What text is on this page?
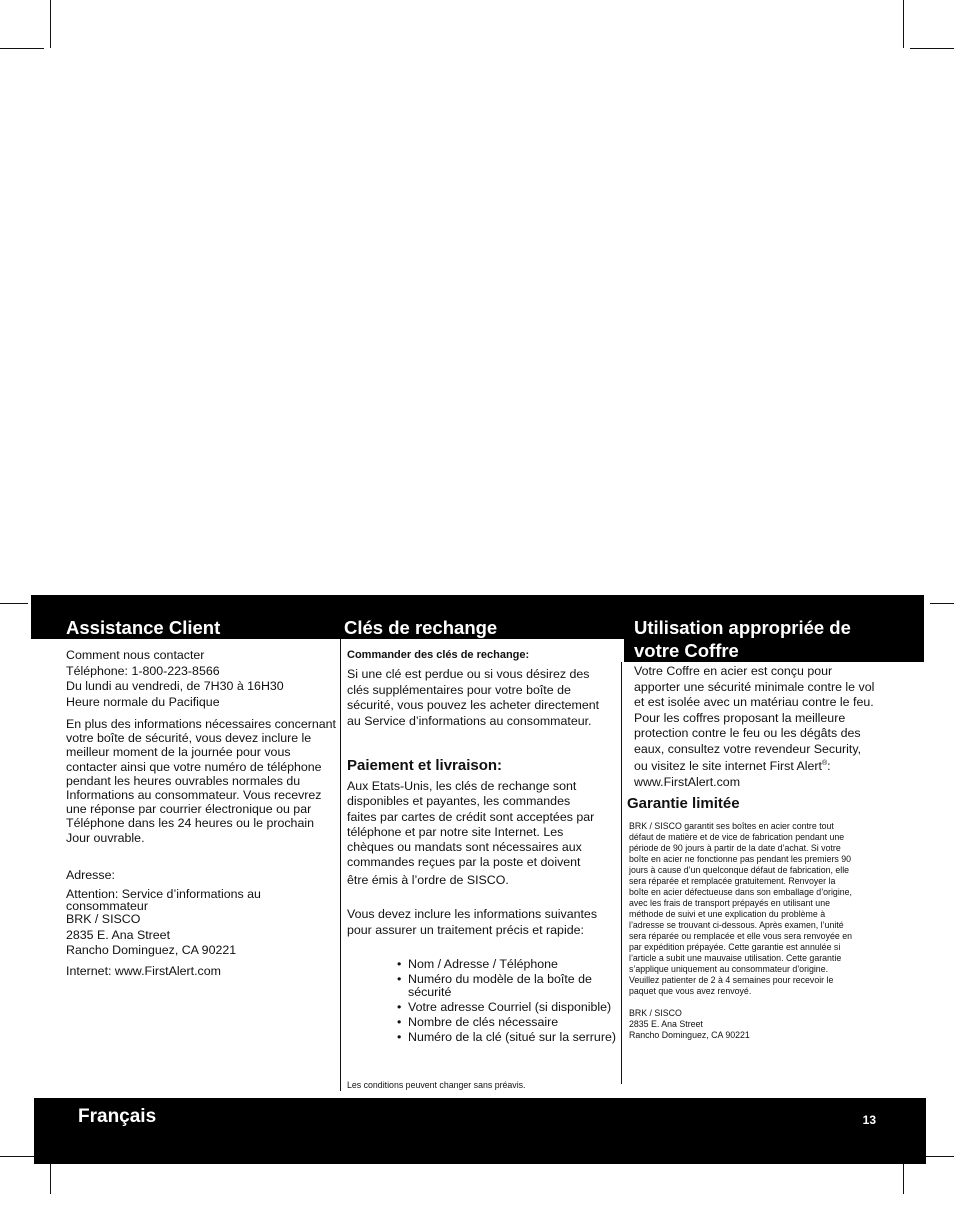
Assistance Client	Clés de rechange	Utilisation appropriée de
votre Coffre

Comment nous contacter

Téléphone: 1-800-223-8566

Du lundi au vendredi, de 7H30 à 16H30

Heure normale du Pacifique

En plus des informations nécessaires concernant

votre boîte de sécurité, vous devez inclure le

meilleur moment de la journée pour vous

contacter ainsi que votre numéro de téléphone

pendant les heures ouvrables normales du

Informations au consommateur. Vous recevrez

une réponse par courrier électronique ou par

Téléphone dans les 24 heures ou le prochain

Jour ouvrable.

Adresse:

Attention: Service d’informations au

consommateur

BRK / SISCO

2835 E. Ana Street

Rancho Dominguez, CA 90221

Internet: www.FirstAlert.com

Commander des clés de rechange:

Si une clé est perdue ou si vous désirez des

clés supplémentaires pour votre boîte de

sécurité, vous pouvez les acheter directement

au Service d’informations au consommateur.

Paiement et livraison:

Aux Etats-Unis, les clés de rechange sont

disponibles et payantes, les commandes

faites par cartes de crédit sont acceptées par

téléphone et par notre site Internet. Les

chèques ou mandats sont nécessaires aux

commandes reçues par la poste et doivent

être émis à l’ordre de SISCO.

Vous devez inclure les informations suivantes

pour assurer un traitement précis et rapide:

• Nom / Adresse / Téléphone
• Numéro du modèle de la boîte de sécurité
• Votre adresse Courriel (si disponible)
• Nombre de clés nécessaire
• Numéro de la clé (situé sur la serrure)

Les conditions peuvent changer sans préavis.

Votre Coffre en acier est conçu pour

apporter une sécurité minimale contre le vol

et est isolée avec un matériau contre le feu.

Pour les coffres proposant la meilleure

protection contre le feu ou les dégâts des

eaux, consultez votre revendeur Security,

ou visitez le site internet First Alert®:

www.FirstAlert.com

Garantie limitée

BRK / SISCO garantit ses boîtes en acier contre tout

défaut de matière et de vice de fabrication pendant une

période de 90 jours à partir de la date d’achat. Si votre

boîte en acier ne fonctionne pas pendant les premiers 90

jours à cause d’un quelconque défaut de fabrication, elle

sera réparée et remplacée gratuitement. Renvoyer la

boîte en acier défectueuse dans son emballage d’origine,

avec les frais de transport prépayés en utilisant une

méthode de suivi et une explication du problème à

l’adresse se trouvant ci-dessous. Après examen, l’unité

sera réparée ou remplacée et elle vous sera renvoyée en

par expédition prépayée. Cette garantie est annulée si

l’article a subit une mauvaise utilisation. Cette garantie

s’applique uniquement au consommateur d’origine.

Veuillez patienter de 2 à 4 semaines pour recevoir le

paquet que vous avez renvoyé.

BRK / SISCO

2835 E. Ana Street

Rancho Dominguez, CA 90221

Français	13
